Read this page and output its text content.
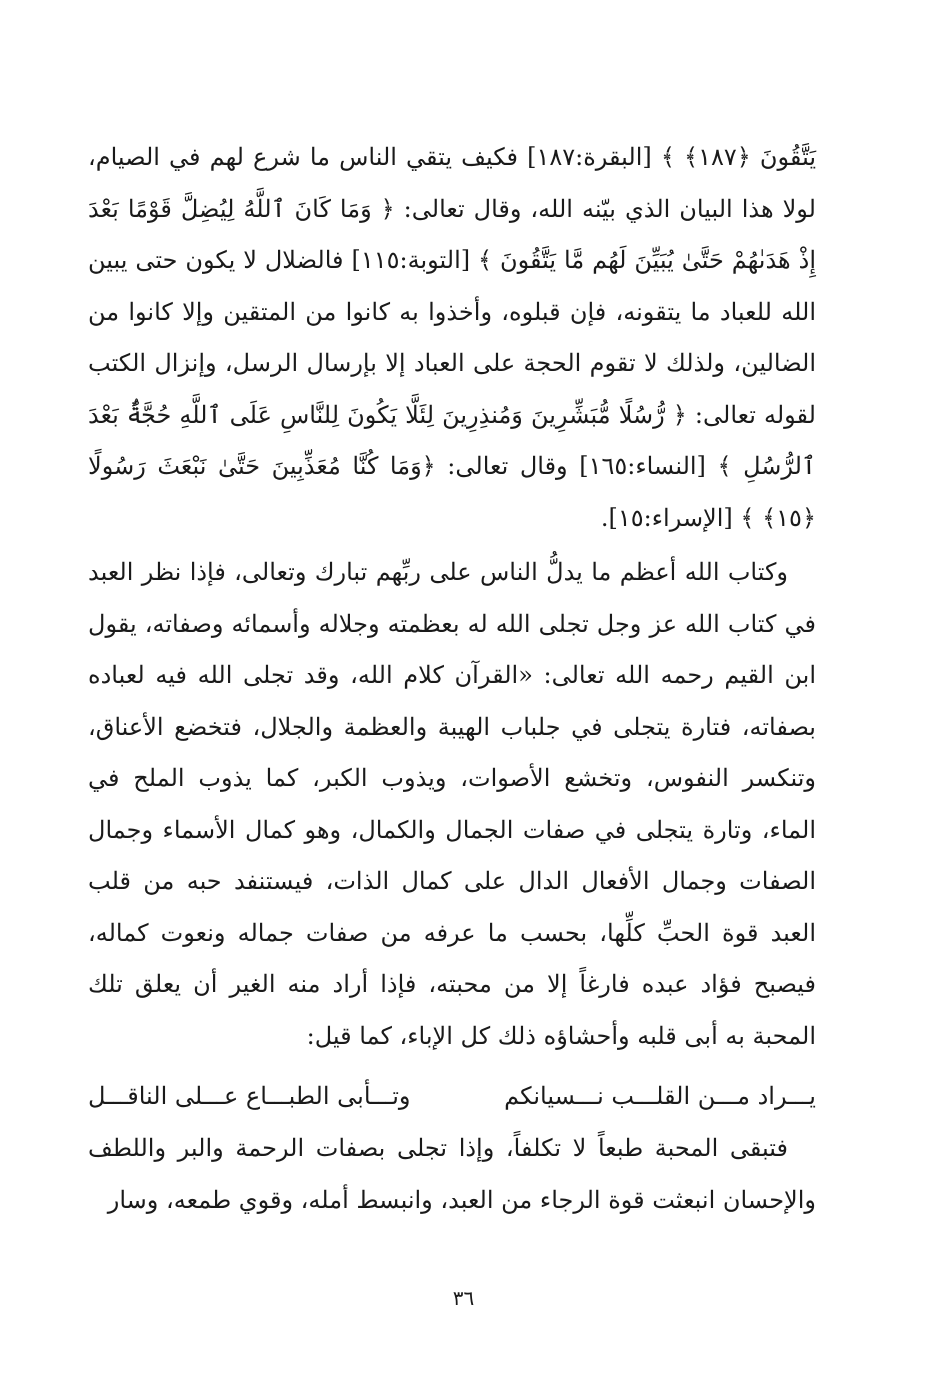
يَتَّقُونَ ﴿١٨٧﴾ ﴾ [البقرة:١٨٧] فكيف يتقي الناس ما شرع لهم في الصيام، لولا هذا البيان الذي بيّنه الله، وقال تعالى: ﴿ وَمَا كَانَ ٱللَّهُ لِيُضِلَّ قَوْمًا بَعْدَ إِذْ هَدَىٰهُمْ حَتَّىٰ يُبَيِّنَ لَهُم مَّا يَتَّقُونَ ﴾ [التوبة:١١٥] فالضلال لا يكون حتى يبين الله للعباد ما يتقونه، فإن قبلوه، وأخذوا به كانوا من المتقين وإلا كانوا من الضالين، ولذلك لا تقوم الحجة على العباد إلا بإرسال الرسل، وإنزال الكتب لقوله تعالى: ﴿ رُّسُلًا مُّبَشِّرِينَ وَمُنذِرِينَ لِئَلَّا يَكُونَ لِلنَّاسِ عَلَى ٱللَّهِ حُجَّةٌۢ بَعْدَ ٱلرُّسُلِ ﴾ [النساء:١٦٥] وقال تعالى: ﴿وَمَا كُنَّا مُعَذِّبِينَ حَتَّىٰ نَبْعَثَ رَسُولًا ﴿١٥﴾ ﴾ [الإسراء:١٥].

وكتاب الله أعظم ما يدلُّ الناس على ربِّهم تبارك وتعالى، فإذا نظر العبد في كتاب الله عز وجل تجلى الله له بعظمته وجلاله وأسمائه وصفاته، يقول ابن القيم رحمه الله تعالى: «القرآن كلام الله، وقد تجلى الله فيه لعباده بصفاته، فتارة يتجلى في جلباب الهيبة والعظمة والجلال، فتخضع الأعناق، وتنكسر النفوس، وتخشع الأصوات، ويذوب الكبر، كما يذوب الملح في الماء، وتارة يتجلى في صفات الجمال والكمال، وهو كمال الأسماء وجمال الصفات وجمال الأفعال الدال على كمال الذات، فيستنفد حبه من قلب العبد قوة الحبِّ كلِّها، بحسب ما عرفه من صفات جماله ونعوت كماله، فيصبح فؤاد عبده فارغاً إلا من محبته، فإذا أراد منه الغير أن يعلق تلك المحبة به أبى قلبه وأحشاؤه ذلك كل الإباء، كما قيل:

يـــراد مـــن القلـــب نـــسيانكم
وتـــأبى الطبـــاع عـــلى الناقـــل

فتبقى المحبة طبعاً لا تكلفاً، وإذا تجلى بصفات الرحمة والبر واللطف والإحسان انبعثت قوة الرجاء من العبد، وانبسط أمله، وقوي طمعه، وسار

٣٦
